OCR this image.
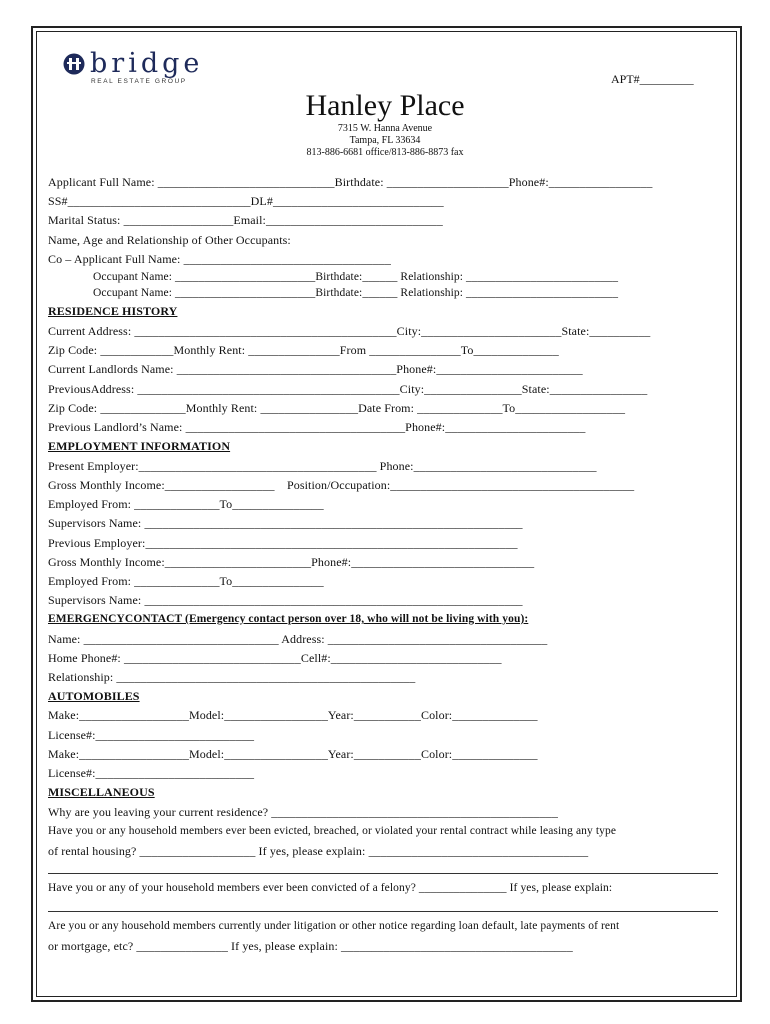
bridge
REAL ESTATE GROUP	APT#_________
Hanley Place
7315 W. Hanna Avenue
Tampa, FL 33634
813-886-6681 office/813-886-8873 fax
Applicant Full Name: _____________________________Birthdate: ____________________Phone#:_________________
SS#______________________________DL#____________________________
Marital Status: __________________Email:_____________________________
Name, Age and Relationship of Other Occupants:
Co – Applicant Full Name: __________________________________
Occupant Name: ________________________Birthdate:______ Relationship: __________________________
Occupant Name: ________________________Birthdate:______ Relationship: __________________________
RESIDENCE HISTORY
Current Address: ___________________________________________City:_______________________State:__________
Zip Code: ____________Monthly Rent: _______________From _______________To______________
Current Landlords Name: ____________________________________Phone#:________________________
PreviousAddress: ___________________________________________City:________________State:________________
Zip Code: ______________Monthly Rent: ________________Date From: ______________To__________________
Previous Landlord’s Name: ____________________________________Phone#:_______________________
EMPLOYMENT INFORMATION
Present Employer:_______________________________________ Phone:______________________________
Gross Monthly Income:__________________    Position/Occupation:________________________________________
Employed From: ______________To_______________
Supervisors Name: ______________________________________________________________
Previous Employer:_____________________________________________________________
Gross Monthly Income:________________________Phone#:______________________________
Employed From: ______________To_______________
Supervisors Name: ______________________________________________________________
EMERGENCYCONTACT (Emergency contact person over 18, who will not be living with you):
Name: ________________________________ Address: ____________________________________
Home Phone#: _____________________________Cell#:____________________________
Relationship: _________________________________________________
AUTOMOBILES
Make:__________________Model:_________________Year:___________Color:______________
License#:__________________________
Make:__________________Model:_________________Year:___________Color:______________
License#:__________________________
MISCELLANEOUS
Why are you leaving your current residence? _______________________________________________
Have you or any household members ever been evicted, breached, or violated your rental contract while leasing any type
of rental housing? ___________________ If yes, please explain: ____________________________________
Have you or any of your household members ever been convicted of a felony? _______________ If yes, please explain:
Are you or any household members currently under litigation or other notice regarding loan default, late payments of rent
or mortgage, etc? _______________ If yes, please explain: ______________________________________
